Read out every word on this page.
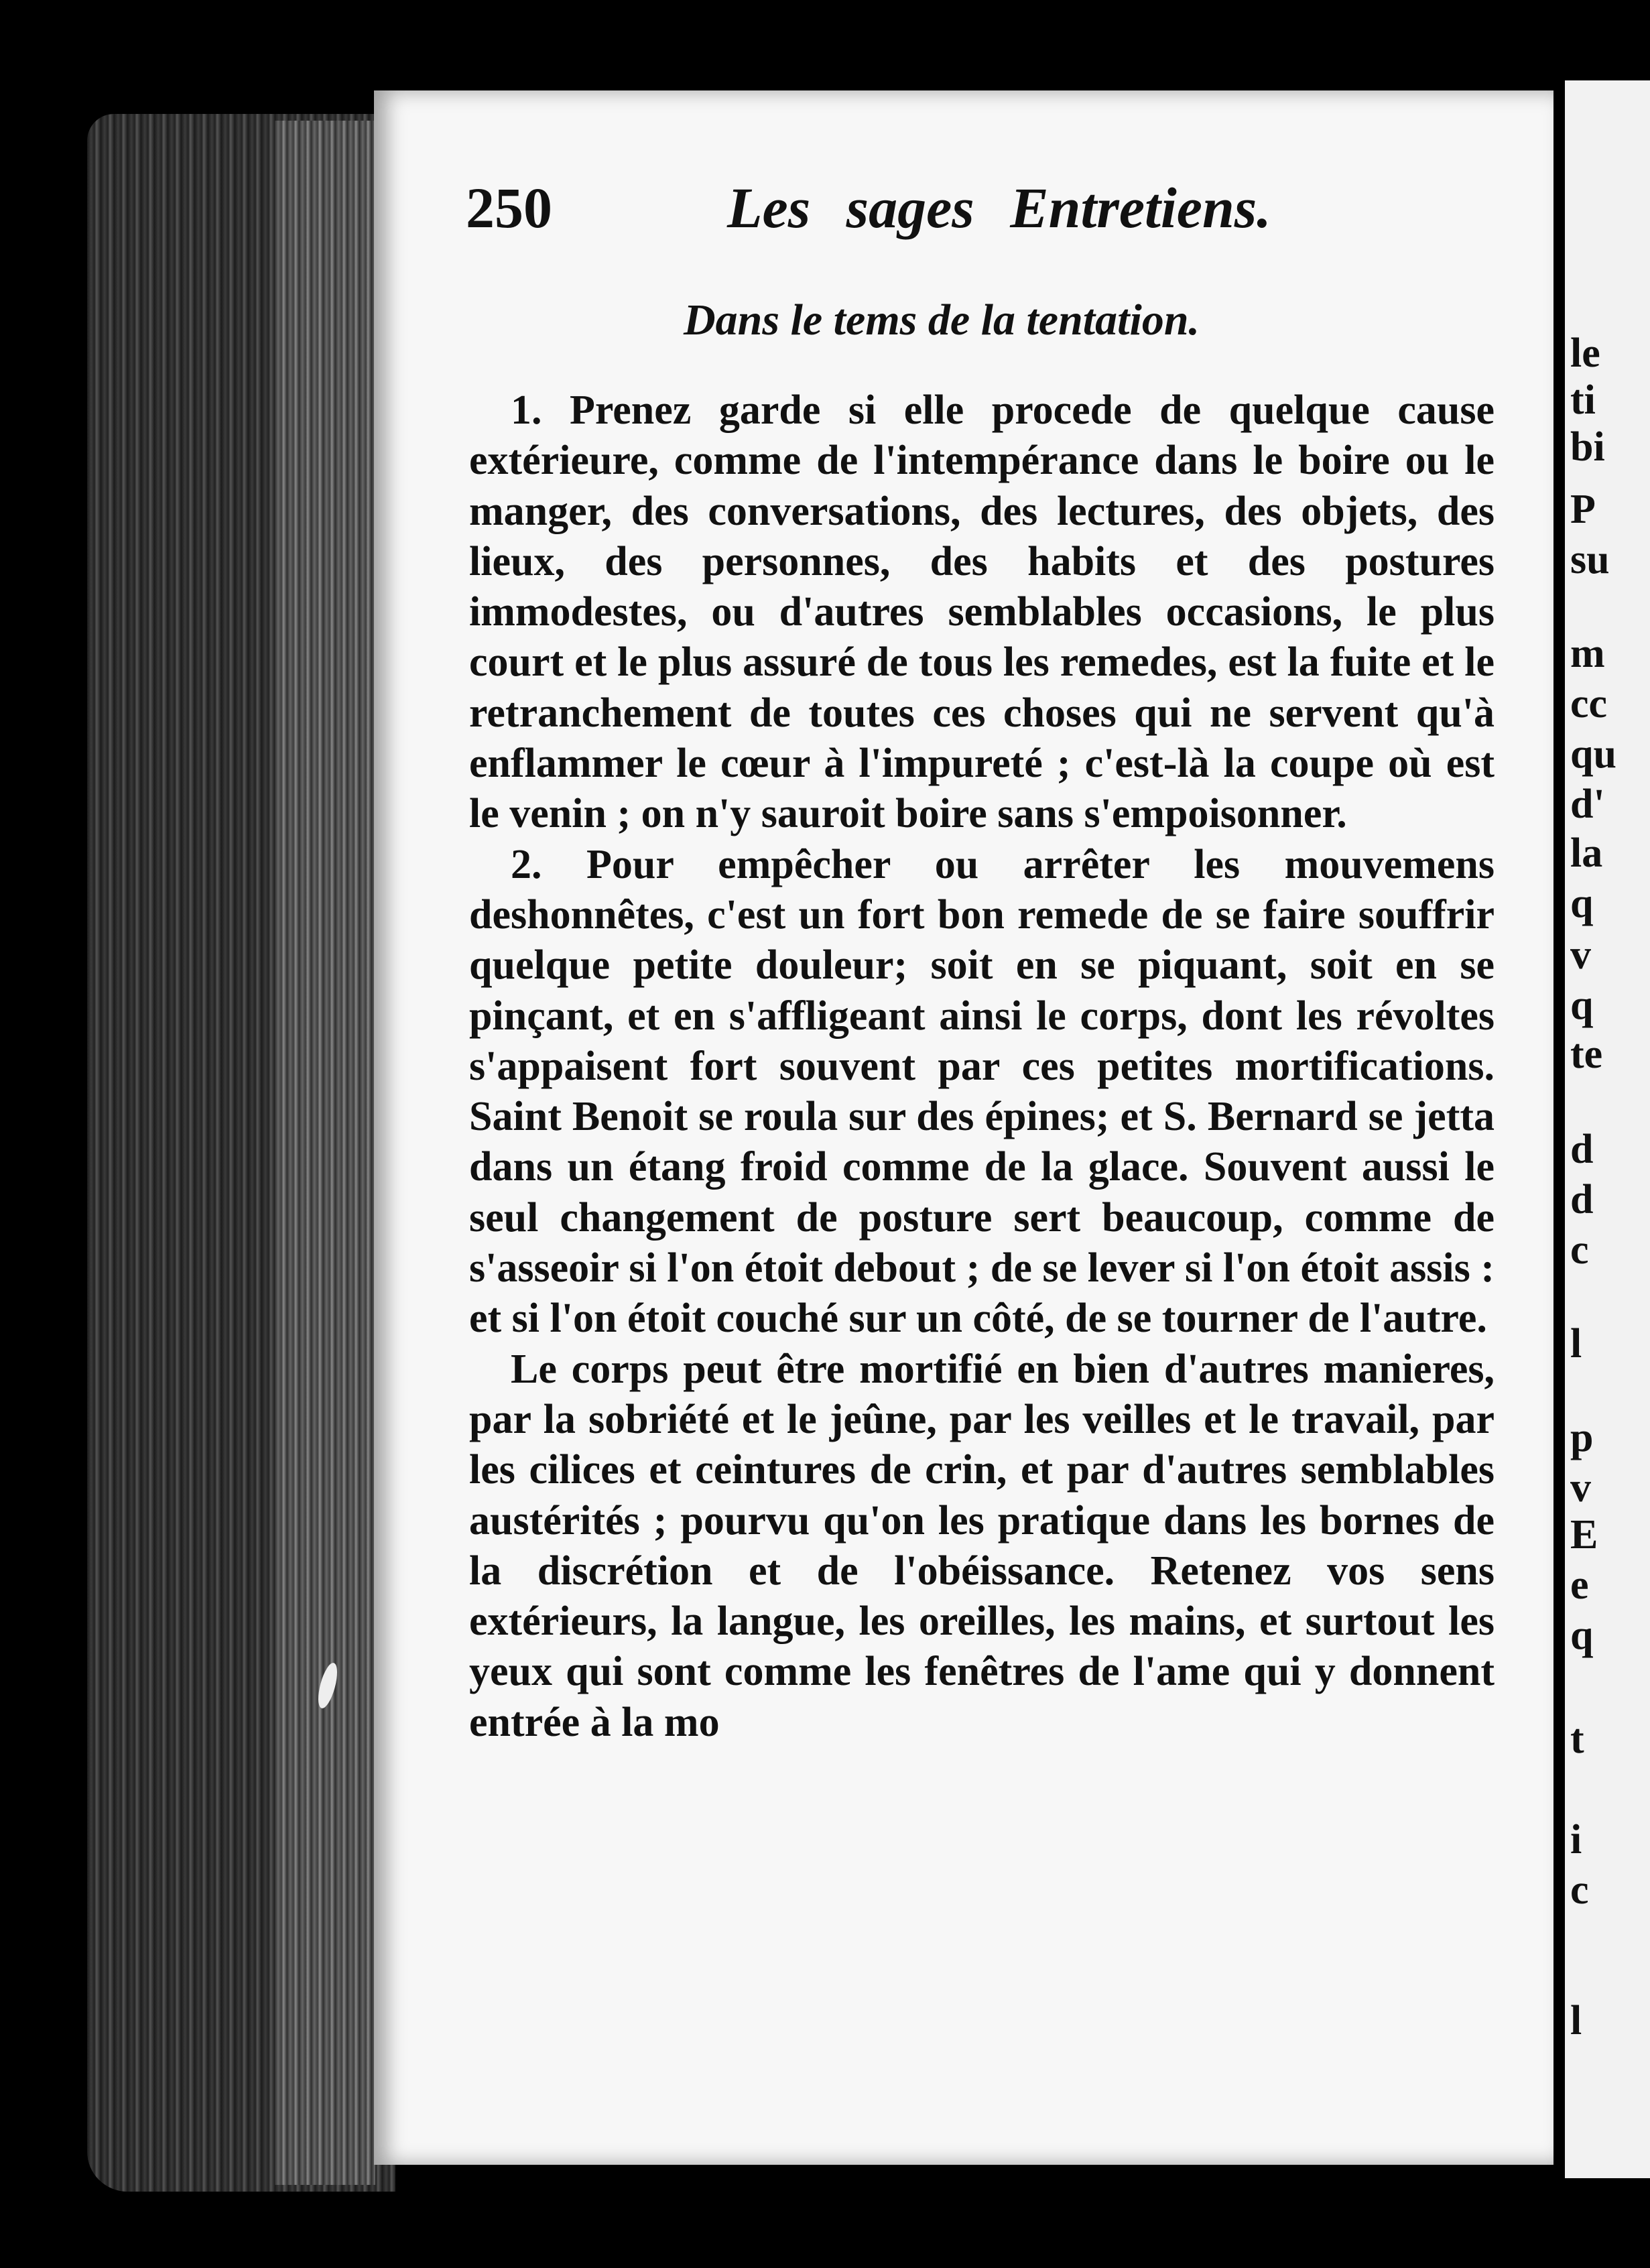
le
ti
bi
P
su
m
cc
qu
d'
la
q
v
q
te
d
d
c
l
p
v
E
e
q
t
i
c
l
250	Les sages Entretiens.
Dans le tems de la tentation.

1. Prenez garde si elle procede de quelque cause extérieure, comme de l'intempérance dans le boire ou le manger, des conversations, des lectures, des objets, des lieux, des personnes, des habits et des postures immodestes, ou d'autres semblables occasions, le plus court et le plus assuré de tous les remedes, est la fuite et le retranchement de toutes ces choses qui ne servent qu'à enflammer le cœur à l'impureté ; c'est-là la coupe où est le venin ; on n'y sauroit boire sans s'empoisonner.

2. Pour empêcher ou arrêter les mouvemens deshonnêtes, c'est un fort bon remede de se faire souffrir quelque petite douleur; soit en se piquant, soit en se pinçant, et en s'affligeant ainsi le corps, dont les révoltes s'appaisent fort souvent par ces petites mortifications. Saint Benoit se roula sur des épines; et S. Bernard se jetta dans un étang froid comme de la glace. Souvent aussi le seul changement de posture sert beaucoup, comme de s'asseoir si l'on étoit debout ; de se lever si l'on étoit assis : et si l'on étoit couché sur un côté, de se tourner de l'autre.

Le corps peut être mortifié en bien d'autres manieres, par la sobriété et le jeûne, par les veilles et le travail, par les cilices et ceintures de crin, et par d'autres semblables austérités ; pourvu qu'on les pratique dans les bornes de la discrétion et de l'obéissance. Retenez vos sens extérieurs, la langue, les oreilles, les mains, et surtout les yeux qui sont comme les fenêtres de l'ame qui y donnent entrée à la mo
